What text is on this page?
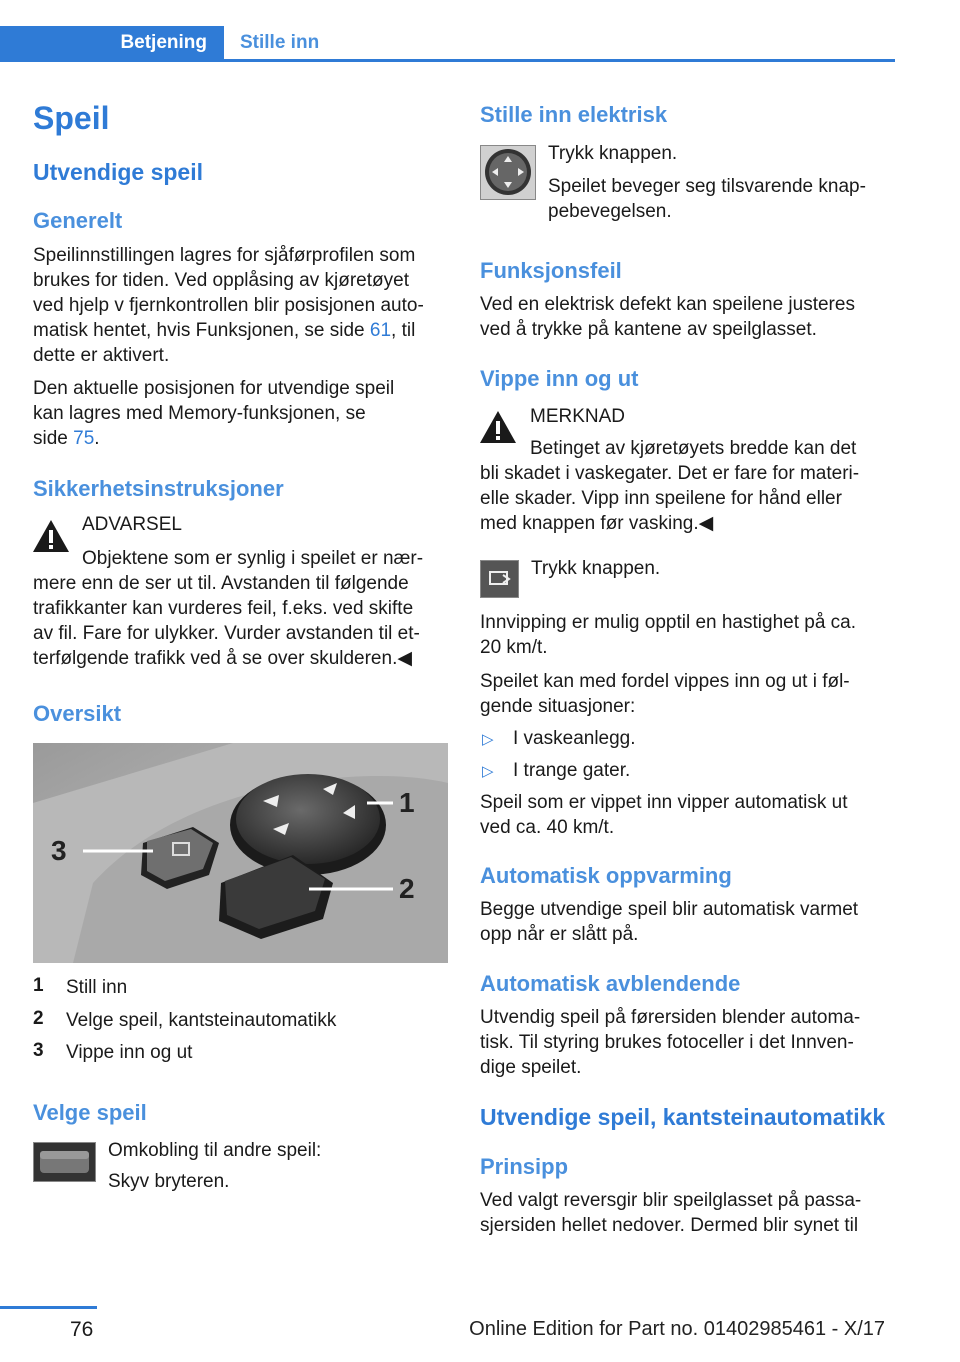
Betjening	Stille inn
Speil
Utvendige speil
Generelt

Speilinnstillingen lagres for sjåførprofilen som

brukes for tiden. Ved opplåsing av kjøretøyet

ved hjelp v fjernkontrollen blir posisjonen auto‐

matisk hentet, hvis Funksjonen, se side 61, til

dette er aktivert.

Den aktuelle posisjonen for utvendige speil

kan lagres med Memory-funksjonen, se

side 75.

Sikkerhetsinstruksjoner

ADVARSEL

Objektene som er synlig i speilet er nær‐

mere enn de ser ut til. Avstanden til følgende

trafikkanter kan vurderes feil, f.eks. ved skifte

av fil. Fare for ulykker. Vurder avstanden til et‐

terfølgende trafikk ved å se over skulderen.◀

Oversikt
1
2
3
1 Still inn

2 Velge speil, kantsteinautomatikk

3 Vippe inn og ut

Velge speil

Omkobling til andre speil:

Skyv bryteren.

Stille inn elektrisk

Trykk knappen.

Speilet beveger seg tilsvarende knap‐

pebevegelsen.

Funksjonsfeil

Ved en elektrisk defekt kan speilene justeres

ved å trykke på kantene av speilglasset.

Vippe inn og ut

MERKNAD

Betinget av kjøretøyets bredde kan det

bli skadet i vaskegater. Det er fare for materi‐

elle skader. Vipp inn speilene for hånd eller

med knappen før vasking.◀

Trykk knappen.

Innvipping er mulig opptil en hastighet på ca.

20 km/t.

Speilet kan med fordel vippes inn og ut i føl‐

gende situasjoner:

▷ I vaskeanlegg.

▷ I trange gater.

Speil som er vippet inn vipper automatisk ut

ved ca. 40 km/t.

Automatisk oppvarming

Begge utvendige speil blir automatisk varmet

opp når er slått på.

Automatisk avblendende

Utvendig speil på førersiden blender automa‐

tisk. Til styring brukes fotoceller i det Innven‐

dige speilet.

Utvendige speil, kantsteinautomatikk
Prinsipp

Ved valgt reversgir blir speilglasset på passa‐

sjersiden hellet nedover. Dermed blir synet til

76	Online Edition for Part no. 01402985461 - X/17
